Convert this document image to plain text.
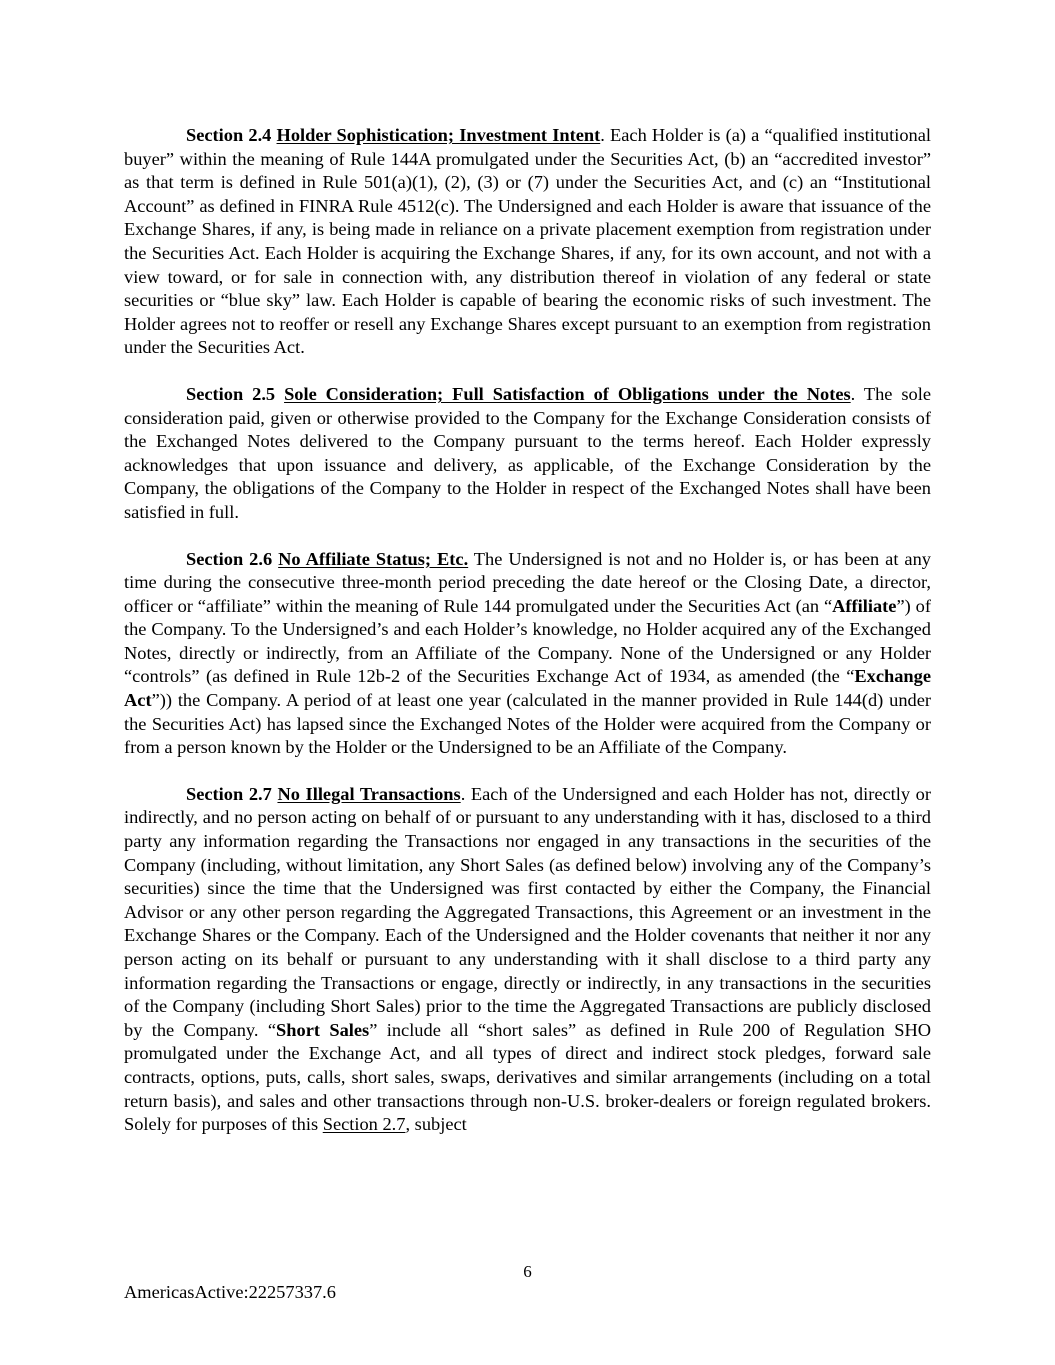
Section 2.4 Holder Sophistication; Investment Intent. Each Holder is (a) a “qualified institutional buyer” within the meaning of Rule 144A promulgated under the Securities Act, (b) an “accredited investor” as that term is defined in Rule 501(a)(1), (2), (3) or (7) under the Securities Act, and (c) an “Institutional Account” as defined in FINRA Rule 4512(c). The Undersigned and each Holder is aware that issuance of the Exchange Shares, if any, is being made in reliance on a private placement exemption from registration under the Securities Act. Each Holder is acquiring the Exchange Shares, if any, for its own account, and not with a view toward, or for sale in connection with, any distribution thereof in violation of any federal or state securities or “blue sky” law. Each Holder is capable of bearing the economic risks of such investment. The Holder agrees not to reoffer or resell any Exchange Shares except pursuant to an exemption from registration under the Securities Act.

Section 2.5 Sole Consideration; Full Satisfaction of Obligations under the Notes. The sole consideration paid, given or otherwise provided to the Company for the Exchange Consideration consists of the Exchanged Notes delivered to the Company pursuant to the terms hereof. Each Holder expressly acknowledges that upon issuance and delivery, as applicable, of the Exchange Consideration by the Company, the obligations of the Company to the Holder in respect of the Exchanged Notes shall have been satisfied in full.

Section 2.6 No Affiliate Status; Etc. The Undersigned is not and no Holder is, or has been at any time during the consecutive three-month period preceding the date hereof or the Closing Date, a director, officer or “affiliate” within the meaning of Rule 144 promulgated under the Securities Act (an “Affiliate”) of the Company. To the Undersigned’s and each Holder’s knowledge, no Holder acquired any of the Exchanged Notes, directly or indirectly, from an Affiliate of the Company. None of the Undersigned or any Holder “controls” (as defined in Rule 12b-2 of the Securities Exchange Act of 1934, as amended (the “Exchange Act”)) the Company. A period of at least one year (calculated in the manner provided in Rule 144(d) under the Securities Act) has lapsed since the Exchanged Notes of the Holder were acquired from the Company or from a person known by the Holder or the Undersigned to be an Affiliate of the Company.

Section 2.7 No Illegal Transactions. Each of the Undersigned and each Holder has not, directly or indirectly, and no person acting on behalf of or pursuant to any understanding with it has, disclosed to a third party any information regarding the Transactions nor engaged in any transactions in the securities of the Company (including, without limitation, any Short Sales (as defined below) involving any of the Company’s securities) since the time that the Undersigned was first contacted by either the Company, the Financial Advisor or any other person regarding the Aggregated Transactions, this Agreement or an investment in the Exchange Shares or the Company. Each of the Undersigned and the Holder covenants that neither it nor any person acting on its behalf or pursuant to any understanding with it shall disclose to a third party any information regarding the Transactions or engage, directly or indirectly, in any transactions in the securities of the Company (including Short Sales) prior to the time the Aggregated Transactions are publicly disclosed by the Company. “Short Sales” include all “short sales” as defined in Rule 200 of Regulation SHO promulgated under the Exchange Act, and all types of direct and indirect stock pledges, forward sale contracts, options, puts, calls, short sales, swaps, derivatives and similar arrangements (including on a total return basis), and sales and other transactions through non-U.S. broker-dealers or foreign regulated brokers. Solely for purposes of this Section 2.7, subject

6
AmericasActive:22257337.6
